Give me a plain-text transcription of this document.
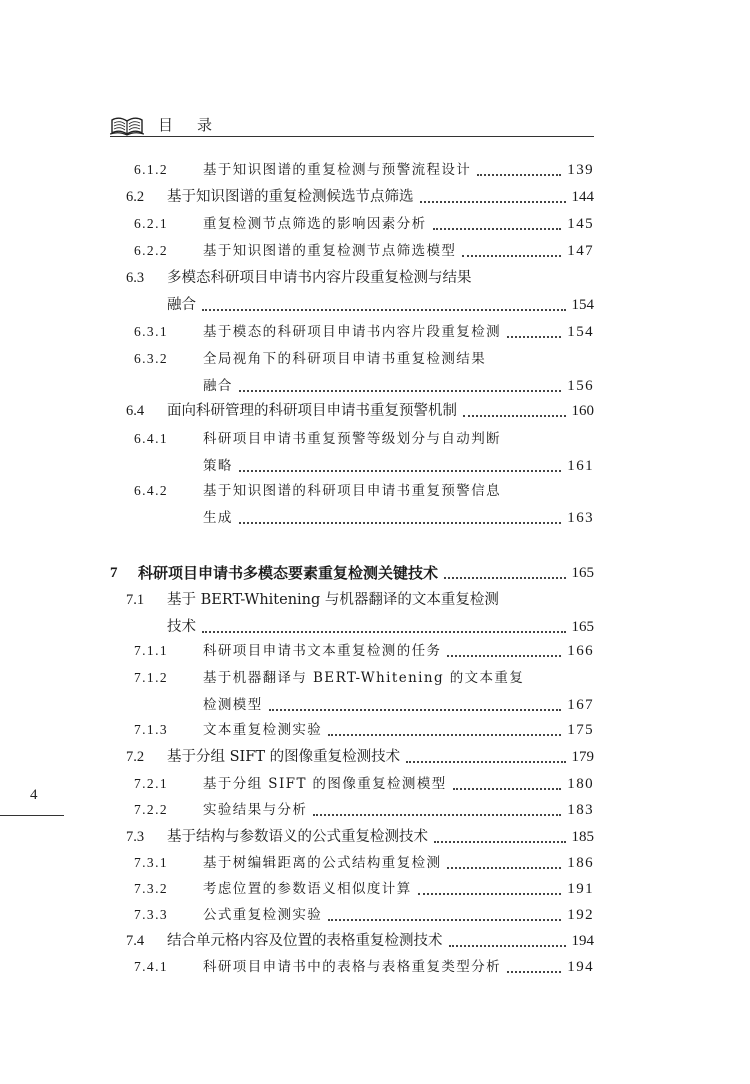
目 录
4
6.1.2	基于知识图谱的重复检测与预警流程设计	139
6.2	基于知识图谱的重复检测候选节点筛选	144
6.2.1	重复检测节点筛选的影响因素分析	145
6.2.2	基于知识图谱的重复检测节点筛选模型	147
6.3	多模态科研项目申请书内容片段重复检测与结果
融合	154
6.3.1	基于模态的科研项目申请书内容片段重复检测	154
6.3.2	全局视角下的科研项目申请书重复检测结果
融合	156
6.4	面向科研管理的科研项目申请书重复预警机制	160
6.4.1	科研项目申请书重复预警等级划分与自动判断
策略	161
6.4.2	基于知识图谱的科研项目申请书重复预警信息
生成	163
7	科研项目申请书多模态要素重复检测关键技术	165
7.1	基于 BERT-Whitening 与机器翻译的文本重复检测
技术	165
7.1.1	科研项目申请书文本重复检测的任务	166
7.1.2	基于机器翻译与 BERT-Whitening 的文本重复
检测模型	167
7.1.3	文本重复检测实验	175
7.2	基于分组 SIFT 的图像重复检测技术	179
7.2.1	基于分组 SIFT 的图像重复检测模型	180
7.2.2	实验结果与分析	183
7.3	基于结构与参数语义的公式重复检测技术	185
7.3.1	基于树编辑距离的公式结构重复检测	186
7.3.2	考虑位置的参数语义相似度计算	191
7.3.3	公式重复检测实验	192
7.4	结合单元格内容及位置的表格重复检测技术	194
7.4.1	科研项目申请书中的表格与表格重复类型分析	194
